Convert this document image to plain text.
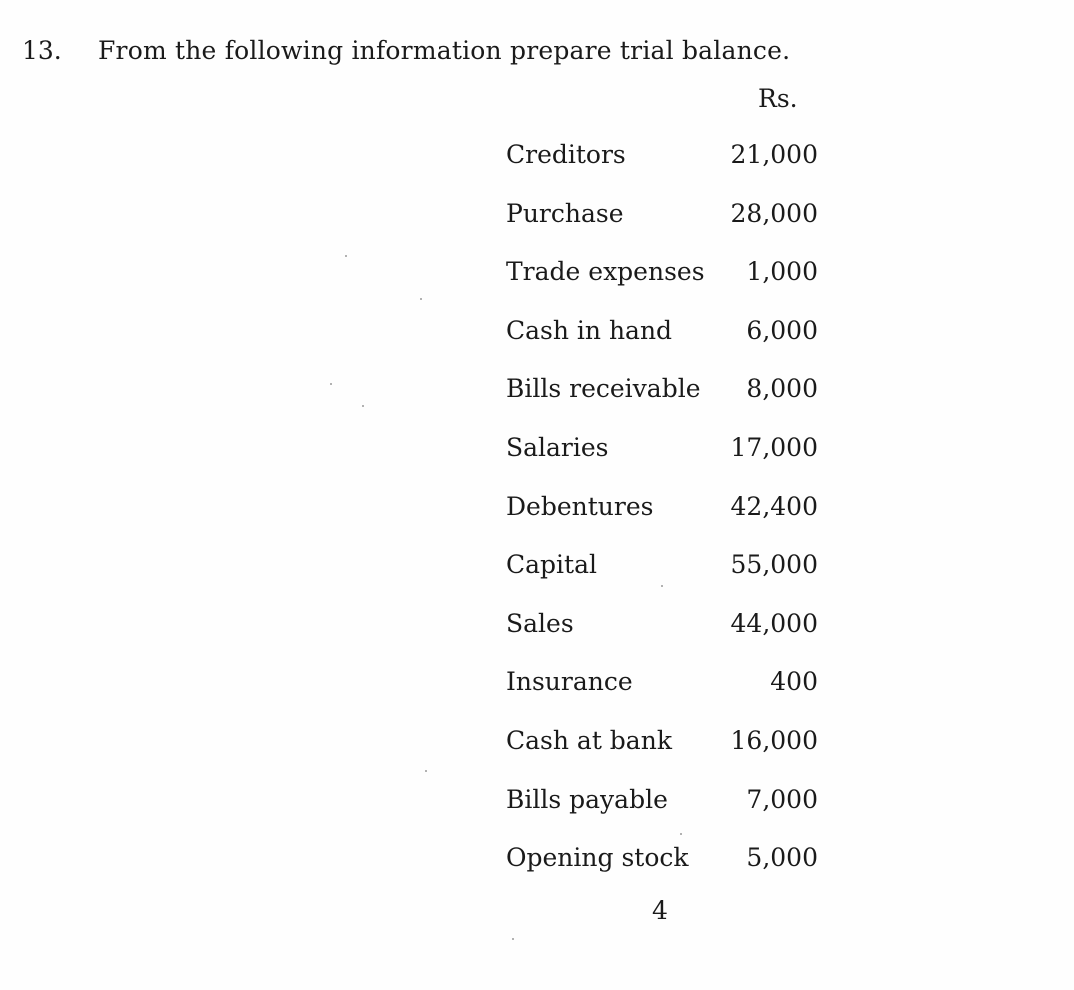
13. From the following information prepare trial balance.
Rs.
Creditors	21,000
Purchase	28,000
Trade expenses 1,000
Cash in hand	6,000
Bills receivable 8,000
Salaries	17,000
Debentures	42,400
Capital	55,000
Sales	44,000
Insurance	400
Cash at bank 16,000
Bills payable	7,000
Opening stock 5,000
4
